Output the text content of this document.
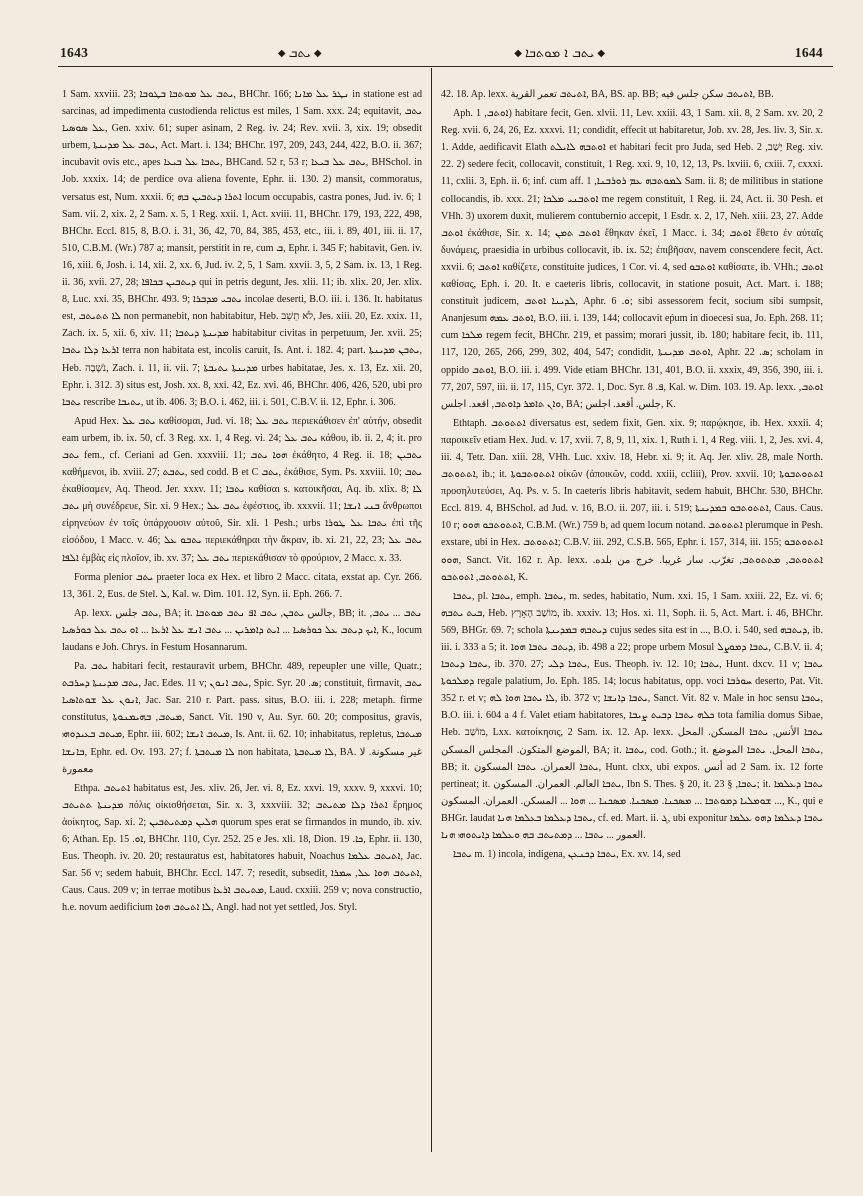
1643	◆ ܝܬܒ ◆	◆ ܝܬܒ ܐ ܡܘܬܒܐ ◆	1644

1 Sam. xxviii. 23; ܝܬܒ ܥܠ ܡܘܬܒܐ ܒܛܘܒܐ, BHChr. 166; ܢܛܪ ܥܠ ܡܐܢܐ in statione est ad sarcinas, ad impedimenta custodienda relictus est miles, 1 Sam. xxx. 24; equitavit, ܝܬܒ ܥܠ ܣܘܣܝܐ, Gen. xxiv. 61; super asinam, 2 Reg. iv. 24; Rev. xvii. 3, xix. 19; obsedit urbem, ܝܬܒ ܥܠ ܡܕܝܢܬܐ, Act. Mart. i. 134; BHChr. 197, 209, 243, 244, 422, B.O. ii. 367; incubavit ovis etc., apes ܝܬܒܐ ܥܠ ܒܝܥܐ, BHCand. 52 r, 53 r; ܝܬܒ ܥܠ ܒܝܥܐ, BHSchol. in Job. xxxix. 14; de perdice ova aliena fovente, Ephr. ii. 130. 2) mansit, commoratus, versatus est, Num. xxxii. 6; ܐܬܪܐ ܕܝܬܒܝܢ ܒܗ locum occupabis, castra pones, Jud. iv. 6; 1 Sam. vii. 2, xix. 2, 2 Sam. x. 5, 1 Reg. xxii. 1, Act. xviii. 11, BHChr. 179, 193, 222, 498, BHChr. Eccl. 815, 8, B.O. i. 31, 36, 42, 70, 84, 385, 453, etc., iii. i. 89, 401, iii. ii. 17, 510, C.B.M. (Wr.) 787 a; mansit, perstitit in re, cum ܒ, Ephr. i. 345 F; habitavit, Gen. iv. 16, xiii. 6, Josh. i. 14, xii. 2, xx. 6, Jud. iv. 2, 5, 1 Sam. xxvii. 3, 5, 2 Sam. ix. 13, 1 Reg. ii. 36, xvii. 27, 28; ܕܝܬܒܝܢ ܒܟܐܦܐ qui in petris degunt, Jes. xlii. 11; ib. xlix. 20, Jer. xlix. 8, Luc. xxi. 35, BHChr. 493. 9; ܝܬܒܝ ܡܕܒܪܐ incolae deserti, B.O. iii. i. 136. It. habitatus est, ܠܐ ܬܬܝܬܒ non permanebit, non habitabitur, Heb. לֹא תֵשֵׁב, Jes. xiii. 20, Ez. xxix. 11, Zach. ix. 5, xii. 6, xiv. 11; ܡܕܝܢܬܐ ܕܝܬܒܐ habitabitur civitas in perpetuum, Jer. xvii. 25; ܐܪܥܐ ܕܠܐ ܝܬܒܐ terra non habitata est, incolis caruit, Is. Ant. i. 182. 4; part. ܝܬܒܢ ܡܕܝܢܬܐ, Heb. נֹשָׁבָה, Zach. i. 11, ii. vii. 7; ܡܕܝܢܬܐ ܝܬܝܒܬܐ urbes habitatae, Jes. x. 13, Ez. xii. 20, Ephr. i. 312. 3) situs est, Josh. xx. 8, xxi. 42, Ez. xvi. 46, BHChr. 406, 426, 520, ubi pro ܝܬܒܐ rescribe ܝܬܝܒܐ, ut ib. 406. 3; B.O. i. 462, iii. i. 501, C.B.V. ii. 12, Ephr. i. 306.

Apud Hex. ܝܬܒ ܥܠ καθίσομαι, Jud. vi. 18; ܝܬܒ ܥܠ περιεκάθισεν ἐπ' αὐτήν, obsedit eam urbem, ib. ix. 50, cf. 3 Reg. xx. 1, 4 Reg. vi. 24; ܝܬܒ ܥܠ κάθου, ib. ii. 2, 4; it. pro ܝܬܒ fem., cf. Ceriani ad Gen. xxxviii. 11; ܗܘܐ ܝܬܒ ἐκάθητο, 4 Reg. ii. 18; ܝܬܒܝܢ καθήμενοι, ib. xviii. 27; ܝܬܒܬ, sed codd. B et C ܝܬܒ, ἐκάθισε, Sym. Ps. xxviii. 10; ܝܬܒ ἐκαθίσαμεν, Aq. Theod. Jer. xxxv. 11; ܝܬܒܐ καθίσαι s. κατοικῆσαι, Aq. ib. xlix. 8; ܠܐ ܝܬܒ μὴ συνέδρευε, Sir. xi. 9 Hex.; ܝܬܒ ܥܠ ἐφέστιος, ib. xxxvii. 11; ܒܢܝ ܐܢܫܐ ἄνθρωποι εἰρηνεύων ἐν τοῖς ὑπάρχουσιν αὐτοῦ, Sir. xli. 1 Pesh.; urbs ܝܬܒܐ ܥܠ ܛܘܪܐ ἐπὶ τῆς εἰσόδου, 1 Macc. v. 46; ܝܬܒܘ ܥܠ περιεκάθηραι τὴν ἄκραν, ib. xi. 21, 22, 23; ܝܬܒ ܥܠ ܐܠܦܐ ἐμβὰς εἰς πλοῖον, ib. xv. 37; ܝܬܒ ܥܠ περιεκάθισαν τὸ φρούριον, 2 Macc. x. 33.

Forma plenior ܝܬܒ praeter loca ex Hex. et libro 2 Macc. citata, exstat ap. Cyr. 266. 13, 361. 2, Eus. de Stel. ܠ, Kal. w. Dim. 101. 12, Syn. ii. Eph. 266. 7.

Ap. lexx. ܝܬܒ جلس, BA; it. جالس ܝܬܒܢ, ܝܬܒ ܐܦ ܢܬܒ ܡܘܬܒܐ, BB; it. ܢܬܒ ... ܝܬܒ, ܐܝܟ ܕܝܬܒ ܥܠ ܟܘܪܣܝܐ ... ܐܝܬ ܕܐܡܪܝܢ ... ܝܬܒ ܐܢܫ ܥܠ ܐܪܥܐ ... ܐܘ ܝܬܒ ܥܠ ܟܘܪܣܝܐ, K., locum laudans e Joh. Chrys. in Festum Hosannarum.

Pa. ܝܬܒ habitari fecit, restauravit urbem, BHChr. 489, repeupler une ville, Quatr.; ܝܬܒ ܡܕܝܢܬܐ ܕܚܪܒܬ, Jac. Edes. 11 v; ܝܬܒ ܐܢܘܢ, Spic. Syr. ܣ. 20; constituit, firmavit, ܝܬܒ ܐܢܘܢ ܥܠ ܫܘܬܐܣܝܐ, Jac. Sar. 210 r. Part. pass. situs, B.O. iii. i. 228; metaph. firme constitutus, ܡܝܬܒ, ܒܗܝܡܢܘܬܐ, Sanct. Vit. 190 v, Au. Syr. 60. 20; compositus, gravis, ܡܝܬܒ ܒܥܝܕܘܗܝ, Ephr. iii. 602; ܡܝܬܒ ܐܢܫܐ, Is. Ant. ii. 62. 10; inhabitatus, repletus, ܡܝܬܒܐ ܒܐܢܫܐ, Ephr. ed. Ov. 193. 27; f. ܠܐ ܡܝܬܒܬܐ non habitata, ܠܐ ܡܝܬܒܬܐ, BA. غير مسكونة. لا معمورة

Ethpa. ܐܬܝܬܒ habitatus est, Jes. xliv. 26, Jer. vi. 8, Ez. xxvi. 19, xxxv. 9, xxxvi. 10; ܡܕܝܢܬܐ ܬܬܝܬܒ πόλις οἰκισθήσεται, Sir. x. 3, xxxviii. 32; ܐܬܪܐ ܕܠܐ ܡܬܝܬܒ ἔρημος ἀοίκητος, Sap. xi. 2; ܗܠܝܢ ܕܡܬܝܬܒܝܢ quorum spes erat se firmandos in mundo, ib. xiv. 6; Athan. Ep. ܐܘ. 15, BHChr. 110, Cyr. 252. 25 e Jes. xli. 18, Dion. ܟܐ. 19, Ephr. ii. 130, Eus. Theoph. iv. 20. 20; restauratus est, habitatores habuit, Noachus ܐܬܝܬܒ ܥܠܡܐ, Jac. Sar. 56 v; sedem habuit, BHChr. Eccl. 147. 7; resedit, subsedit, ܐܬܝܬܒ ܗܘܐ ܥܠ, ܚܡܪܐ, Caus. Caus. 209 v; in terrae motibus ܡܬܝܬܒ ܐܪܥܐ, Laud. cxxiii. 259 v; nova constructio, h.e. novum aedificium ܠܐ ܐܬܝܬܒ ܗܘܐ, Angl. had not yet settled, Jos. Styl.

42. 18. Ap. lexx. ܐܬܝܬܒ تعمر القرية, BA, BS. ap. BB; ܐܬܝܬܒ سكن جلس فيه, BB.

Aph. ܐܘܬܒ, 1) habitare fecit, Gen. xlvii. 11, Lev. xxiii. 43, 1 Sam. xii. 8, 2 Sam. xv. 20, 2 Reg. xvii. 6, 24, 26, Ez. xxxvi. 11; condidit, effecit ut habitaretur, Job. xv. 28, Jes. liv. 3, Sir. x. 1. Adde, aedificavit Elath ܐܘܬܒܗ ܠܐܝܠܬ et habitari fecit pro Juda, sed Heb. יָשַׁב, 2 Reg. xiv. 22. 2) sedere fecit, collocavit, constituit, 1 Reg. xxi. 9, 10, 12, 13, Ps. lxviii. 6, cxiii. 7, cxxxi. 11, cxlii. 3, Eph. ii. 6; inf. cum aff. ܠܡܘܬܒܗ ܥܡ ܪܘܪܒܢܐ, 1 Sam. ii. 8; de militibus in statione collocandis, ib. xxx. 21; ܐܘܬܒܢܝ ܡܠܟܐ me regem constituit, 1 Reg. ii. 24, Act. ii. 30 Pesh. et VHh. 3) uxorem duxit, mulierem contubernio accepit, 1 Esdr. x. 2, 17, Neh. xiii. 23, 27. Adde ܐܘܬܒ ἐκάθισε, Sir. x. 14; ܐܘܬܒ ܬܡܢ ἔθηκαν ἐκεῖ, 1 Macc. i. 34; ܐܘܬܒ ἔθετο ἐν αὐταῖς δυνάμεις, praesidia in urbibus collocavit, ib. ix. 52; ἐπιβῆσαν, navem conscendere fecit, Act. xxvii. 6; ܐܘܬܒ καθίζετε, constituite judices, 1 Cor. vi. 4, sed ܐܘܬܒܘ καθίσατε, ib. VHh.; ܐܘܬܒ καθίσας, Eph. i. 20. It. e caeteris libris, collocavit, in statione posuit, Act. Mart. i. 188; constituit judicem, ܠܕܝܢܐ ܐܘܬܒ, Aphr. ܘ. 6; sibi assessorem fecit, socium sibi sumpsit, Ananjesum ܐܘܬܒ ܥܡܗ, B.O. iii. i. 139, 144; collocavit eṕum in dioecesi sua, Jo. Eph. 268. 11; cum ܡܠܟܐ regem fecit, BHChr. 219, et passim; morari jussit, ib. 180; habitare fecit, ib. 111, 117, 120, 265, 266, 299, 302, 404, 547; condidit, ܐܘܬܒ ܡܕܝܢܬܐ, Aphr. ܣ. 22; scholam in oppido ܐܘܬܒ, B.O. iii. i. 499. Vide etiam BHChr. 131, 401, B.O. ii. xxxix, 49, 356, 390, iii. i. 77, 207, 597, iii. ii. 17, 115, Cyr. 372. 1, Doc. Syr. ܦ. 8, Kal. w. Dim. 103. 19. Ap. lexx. ܐܘܬܒ, ܘܐܢ ܬܐܡܪ ܕܐܘܬܒ, اقعد. اجلس, BA; جلس. أقعد. اجلس, K.

Ethtaph. ܐܬܬܘܬܒ diversatus est, sedem fixit, Gen. xix. 9; παρῴκησε, ib. Hex. xxxii. 4; παροικεῖν etiam Hex. Jud. v. 17, xvii. 7, 8, 9, 11, xix. 1, Ruth i. 1, 4 Reg. viii. 1, 2, Jes. xvi. 4, iii. 4, Tetr. Dan. xiii. 28, VHh. Luc. xxiv. 18, Hebr. xi. 9; it. Aq. Jer. xliv. 28, male North. ܐܬܬܘܬܒ, ib.; it. ܐܬܬܘܬܒܘܬܐ οἰκῶν (ἀποικῶν, codd. xxiii, ccliii), Prov. xxvii. 10; ܐܬܬܘܬܒܘܬܐ προσηλυτεύσει, Aq. Ps. v. 5. In caeteris libris habitavit, sedem habuit, BHChr. 530, BHChr. Eccl. 819. 4, BHSchol. ad Jud. v. 16, B.O. ii. 207, iii. i. 519; ܐܬܬܘܬܒܘ ܒܡܕܝܢܬܐ, Caus. Caus. 10 r; ܐܬܬܘܬܒܘ ܗܘܘ, C.B.M. (Wr.) 759 b, ad quem locum notand. ܐܬܬܘܬܒ plerumque in Pesh. exstare, ubi in Hex. ܐܬܬܘܬܒ; C.B.V. iii. 292, C.S.B. 565, Ephr. i. 157, 314, iii. 155; ܐܬܬܘܬܒܘ ܗܘܘ, Sanct. Vit. 162 r. Ap. lexx. ܐܬܬܘܬܒ, ܡܬܬܘܬܒ, تغرّب. سار غريبا. خرج من بلده. ܐܬܬܘܬܒ, ܐܬܘܬܒܘ, K.

ܝܬܒܐ, pl. ܝܬܒܐ, emph. ܝܬܒܐ, m. sedes, habitatio, Num. xxi. 15, 1 Sam. xxiii. 22, Ez. vi. 6; ܒܝܬ ܝܬܒܗ, Heb. מוֹשַׁב הָאָרֶץ, ib. xxxiv. 13; Hos. xi. 11, Soph. ii. 5, Act. Mart. i. 46, BHChr. 569, BHGr. 69. 7; schola ܕܝܬܒܗ ܒܡܕܝܢܬܐ cujus sedes sita est in ..., B.O. i. 540, sed ܕܝܬܒܗ, ib. iii. i. 333 a 5; it. ܕܝܬܒ ܝܬܒܐ ܗܘܐ, ib. 498 a 22; prope urbem Mosul ܝܬܒܐ ܕܡܘܨܠ, C.B.V. ii. 4; ܝܬܒܐ ܕܝܬܒܐ, ib. 370. 27; ܝܬܒܐ ܕܠܝ, Eus. Theoph. iv. 12. 10; ܝܬܒܐ, Hunt. dxcv. 11 v; ܝܬܒܐ ܕܡܠܟܘܬܐ regale palatium, Jo. Eph. 185. 14; locus habitatus, opp. voci ܚܘܪܒܐ deserto, Pat. Vit. 352 r. et v; ܠܐ ܝܬܒܐ ܗܘܐ ܠܗ, ib. 372 v; ܝܬܒܐ ܕܐܢܫܐ, Sanct. Vit. 82 v. Male in hoc sensu ܝܬܒܐ, B.O. iii. i. 604 a 4 f. Valet etiam habitatores, ܟܠܗ ܝܬܒܐ ܕܒܝܬ ܨܝܒܐ tota familia domus Sibae, Heb. מוֹשַׁב, Lxx. κατοίκησις, 2 Sam. ix. 12. Ap. lexx. ܝܬܒܐ الأنس, ܝܬܒܐ المسكن. المحل الموضع المتكون. المجلس المسكن, BA; it. ܝܬܒܐ, cod. Goth.; it. ܝܬܒܐ المحل. ܝܬܒܐ الموضع, BB; it. ܝܬܒܐ العمران. ܝܬܒܐ المسكون, Hunt. clxx, ubi expos. أنس ad 2 Sam. ix. 12 forte pertineat; it. ܝܬܒܐ العالم. العمران. المسكون, Ibn S. Thes. § 20, it. ܝܬܒܐ, § 23; it. ܝܬܒܐ ܕܥܠܡܐ ... ܫܘܡܠܝܐ ܕܡܘܬܒܐ ... ܡܣܟܢܐ. ܡܣܟܢܐ. ܡܣܟܢܐ ... ܗܘܐ ... المسكن. العمران. المسكون, K., qui e BHGr. laudat ܝܬܒܐ ܕܥܠܡܐ ܒܥܠܡܐ ܗܢܐ, cf. ed. Mart. ii. ܓ, ubi exponitur ܝܬܒܐ ܕܥܠܡܐ ܕܗܘ ܥܠܡܐ العمور ... ܝܬܒܐ ... ܕܡܬܝܬܒ ܒܗ ܘܥܠܡܐ ܕܐܝܬܘܗܝ ܗܢܐ.

ܝܬܒܐ m. 1) incola, indigena, ܝܬܒܐ ܕܟܢܥܢ, Ex. xv. 14, sed
